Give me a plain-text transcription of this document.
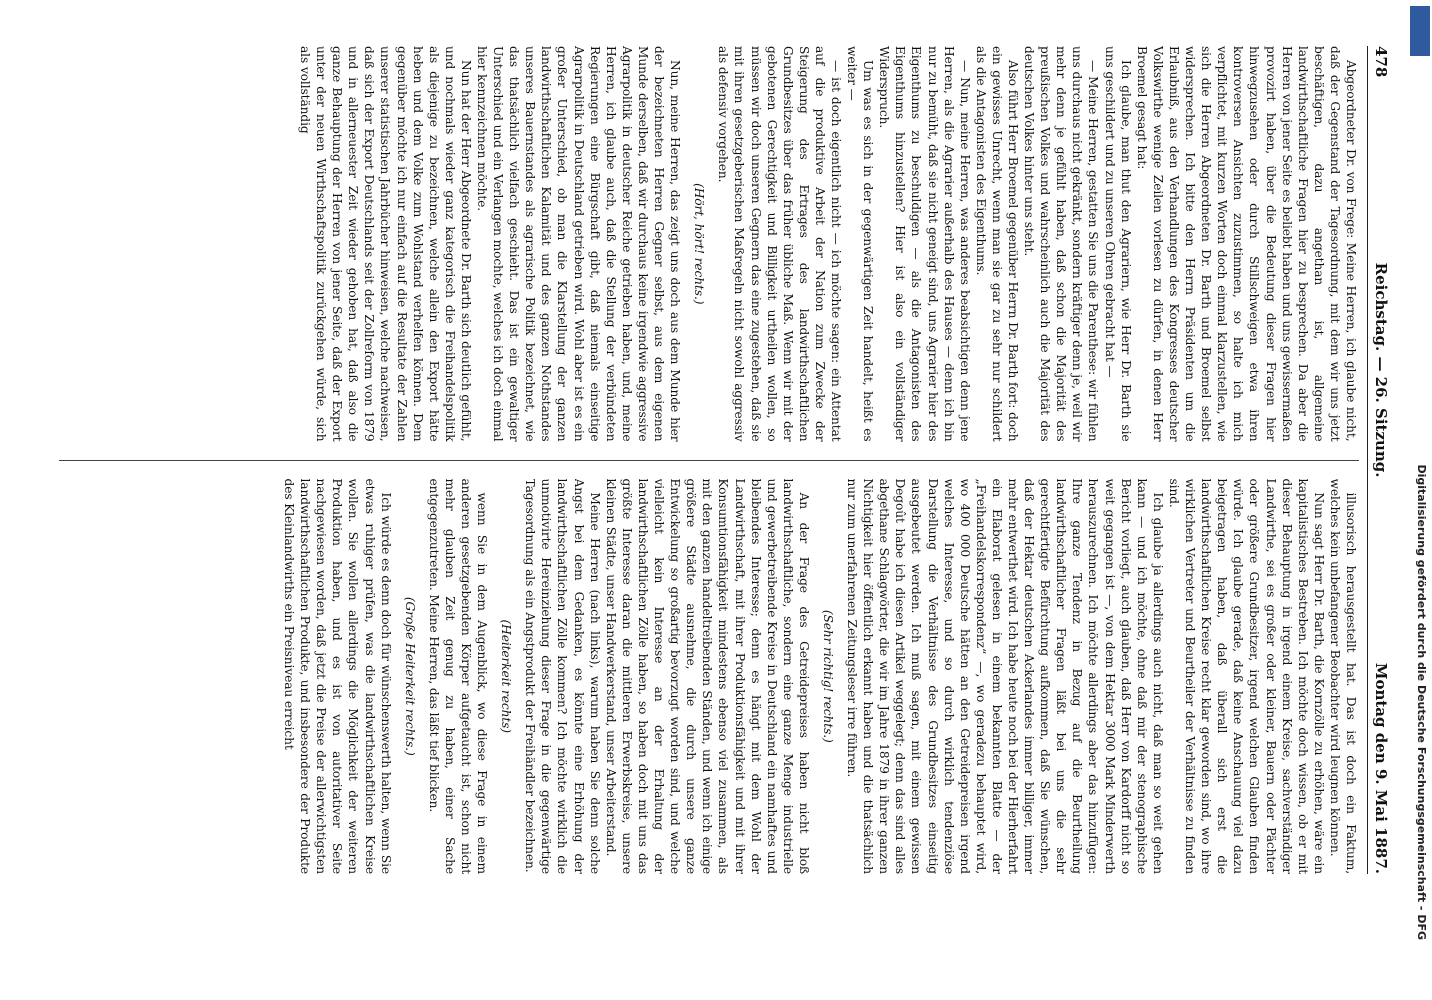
478
Reichstag. — 26. Sitzung.
Montag den 9. Mai 1887.

Abgeordneter Dr. von Frege: Meine Herren, ich glaube nicht, daß der Gegenstand der Tagesordnung, mit dem wir uns jetzt beschäftigen, dazu angethan ist, allgemeine landwirthschaftliche Fragen hier zu besprechen. Da aber die Herren von jener Seite es beliebt haben und uns gewissermaßen provozirt haben, über die Bedeutung dieser Fragen hier hinwegzusehen oder durch Stillschweigen etwa ihren kontroversen Ansichten zuzustimmen, so halte ich mich verpflichtet, mit kurzen Worten doch einmal klarzustellen, wie sich die Herren Abgeordneten Dr. Barth und Broemel selbst widersprechen. Ich bitte den Herrn Präsidenten um die Erlaubniß, aus den Verhandlungen des Kongresses deutscher Volkswirthe wenige Zeilen vorlesen zu dürfen, in denen Herr Broemel gesagt hat:

Ich glaube, man thut den Agrariern, wie Herr Dr. Barth sie uns geschildert und zu unseren Ohren gebracht hat —

— Meine Herren, gestatten Sie uns die Parenthese: wir fühlen uns durchaus nicht gekränkt, sondern kräftiger denn je, weil wir mehr denn je gefühlt haben, daß schon die Majorität des preußischen Volkes und wahrscheinlich auch die Majorität des deutschen Volkes hinter uns steht.

Also führt Herr Broemel gegenüber Herrn Dr. Barth fort: doch ein gewisses Unrecht, wenn man sie gar zu sehr nur schildert als die Antagonisten des Eigenthums.

— Nun, meine Herren, was anderes beabsichtigen denn jene Herren, als die Agrarier außerhalb des Hauses — denn ich bin nur zu bemüht, daß sie nicht geneigt sind, uns Agrarier hier des Eigenthums zu beschuldigen — als die Antagonisten des Eigenthums hinzustellen? Hier ist also ein vollständiger Widerspruch.

Um was es sich in der gegenwärtigen Zeit handelt, heißt es weiter —

— ist doch eigentlich nicht — ich möchte sagen: ein Attentat auf die produktive Arbeit der Nation zum Zwecke der Steigerung des Ertrages des landwirthschaftlichen Grundbesitzes über das früher übliche Maß. Wenn wir mit der gebotenen Gerechtigkeit und Billigkeit urtheilen wollen, so müssen wir doch unseren Gegnern das eine zugestehen, daß sie mit ihren gesetzgeberischen Maßregeln nicht sowohl aggressiv als defensiv vorgehen.

(Hört, hört! rechts.)

Nun, meine Herren, das zeigt uns doch aus dem Munde hier der bezeichneten Herren Gegner selbst, aus dem eigenen Munde derselben, daß wir durchaus keine irgendwie aggressive Agrarpolitik in deutscher Reiche getrieben haben, und, meine Herren, ich glaube auch, daß die Stellung der verbündeten Regierungen eine Bürgschaft gibt, daß niemals einseitige Agrarpolitik in Deutschland getrieben wird. Wohl aber ist es ein großer Unterschied, ob man die Klarstellung der ganzen landwirthschaftlichen Kalamität und des ganzen Nothstandes unseres Bauernstandes als agrarische Politik bezeichnet, wie das thatsächlich vielfach geschieht. Das ist ein gewaltiger Unterschied und ein Verlangen mochte, welches ich doch einmal hier kennzeichnen möchte.

Nun hat der Herr Abgeordnete Dr. Barth sich deutlich gefühlt, und nochmals wieder ganz kategorisch die Freihandelspolitik als diejenige zu bezeichnen, welche allein den Export hätte heben und dem Volke zum Wohlstand verhelfen können. Dem gegenüber möchte ich nur einfach auf die Resultate der Zahlen unserer statistischen Jahrbücher hinweisen, welche nachweisen, daß sich der Export Deutschlands seit der Zollreform von 1879 und in allerneuester Zeit wieder gehoben hat, daß also die ganze Behauptung der Herren von jener Seite, daß der Export unter der neuen Wirthschaftspolitik zurückgehen würde, sich als vollständig

illusorisch herausgestellt hat. Das ist doch ein Faktum, welches kein unbefangener Beobachter wird leugnen können.

Nun sagt Herr Dr. Barth, die Kornzölle zu erhöhen, wäre ein kapitalistisches Bestreben. Ich möchte doch wissen, ob er mit dieser Behauptung in irgend einem Kreise, sachverständiger Landwirthe, sei es großer oder kleiner, Bauern oder Pächter oder größere Grundbesitzer, irgend welchen Glauben finden würde. Ich glaube gerade, daß keine Anschauung viel dazu beigetragen haben, daß überall sich erst die landwirthschaftlichen Kreise recht klar geworden sind, wo ihre wirklichen Vertreter und Beurtheiler der Verhältnisse zu finden sind.

Ich glaube ja allerdings auch nicht, daß man so weit gehen kann — und ich möchte, ohne daß mir der stenographische Bericht vorliegt, auch glauben, daß Herr von Kardorff nicht so weit gegangen ist —, von dem Hektar 3000 Mark Minderwerth herauszurechnen. Ich möchte allerdings aber das hinzufügen: Ihre ganze Tendenz in Bezug auf die Beurtheilung landwirthschaftlicher Fragen läßt bei uns die sehr gerechtfertigte Befürchtung aufkommen, daß Sie wünschen, daß der Hektar deutschen Ackerlandes immer billiger, immer mehr entwerthet wird. Ich habe heute noch bei der Hierherfahrt ein Elaborat gelesen in einem bekannten Blatte — der „Freihandelskorrespondenz“ —, wo geradezu behauptet wird, wo 400 000 Deutsche hätten an den Getreidepreisen irgend welches Interesse, und so durch wirklich tendenziöse Darstellung die Verhältnisse des Grundbesitzes einseitig ausgebeutet werden. Ich muß sagen, mit einem gewissen Degoût habe ich diesen Artikel weggelegt; denn das sind alles abgethane Schlagwörter, die wir im Jahre 1879 in ihrer ganzen Nichtigkeit hier öffentlich erkannt haben und die thatsächlich nur zum unerfahrenen Zeitungsleser irre führen.

(Sehr richtig! rechts.)

An der Frage des Getreidepreises haben nicht bloß landwirthschaftliche, sondern eine ganze Menge industrielle und gewerbetreibende Kreise in Deutschland ein namhaftes und bleibendes Interesse; denn es hängt mit dem Wohl der Landwirthschaft, mit ihrer Produktionsfähigkeit und mit ihrer Konsumtionsfähigkeit mindestens ebenso viel zusammen, als mit den ganzen handeltreibenden Ständen, und wenn ich einige größere Städte ausnehme, die durch unsere ganze Entwickelung so großartig bevorzugt worden sind, und welche vielleicht kein Interesse an der Erhaltung der landwirthschaftlichen Zölle haben, so haben doch mit uns das größte Interesse daran die mittleren Erwerbskreise, unsere kleinen Städte, unser Handwerkerstand, unser Arbeiterstand.

Meine Herren (nach links), warum haben Sie denn solche Angst bei dem Gedanken, es könnte eine Erhöhung der landwirthschaftlichen Zölle kommen? Ich möchte wirklich die unmotivirte Hereinziehung dieser Frage in die gegenwärtige Tagesordnung als ein Angstprodukt der Freihändler bezeichnen.

(Heiterkeit rechts)

wenn Sie in dem Augenblick, wo diese Frage in einem anderen gesetzgebenden Körper aufgetaucht ist, schon nicht mehr glauben Zeit genug zu haben, einer Sache entgegenzutreten. Meine Herren, das läßt tief blicken.

(Große Heiterkeit rechts.)

Ich würde es denn doch für wünschenswerth halten, wenn Sie etwas ruhiger prüfen, was die landwirthschaftlichen Kreise wollen. Sie wollen allerdings die Möglichkeit der weiteren Produktion haben, und es ist von autoritativer Seite nachgewiesen worden, daß jetzt die Preise der allerwichtigsten landwirthschaftlichen Produkte, und insbesondere der Produkte des Kleinlandwirths ein Preisniveau erreicht	Digitalisierung gefördert durch die Deutsche Forschungsgemeinschaft - DFG
